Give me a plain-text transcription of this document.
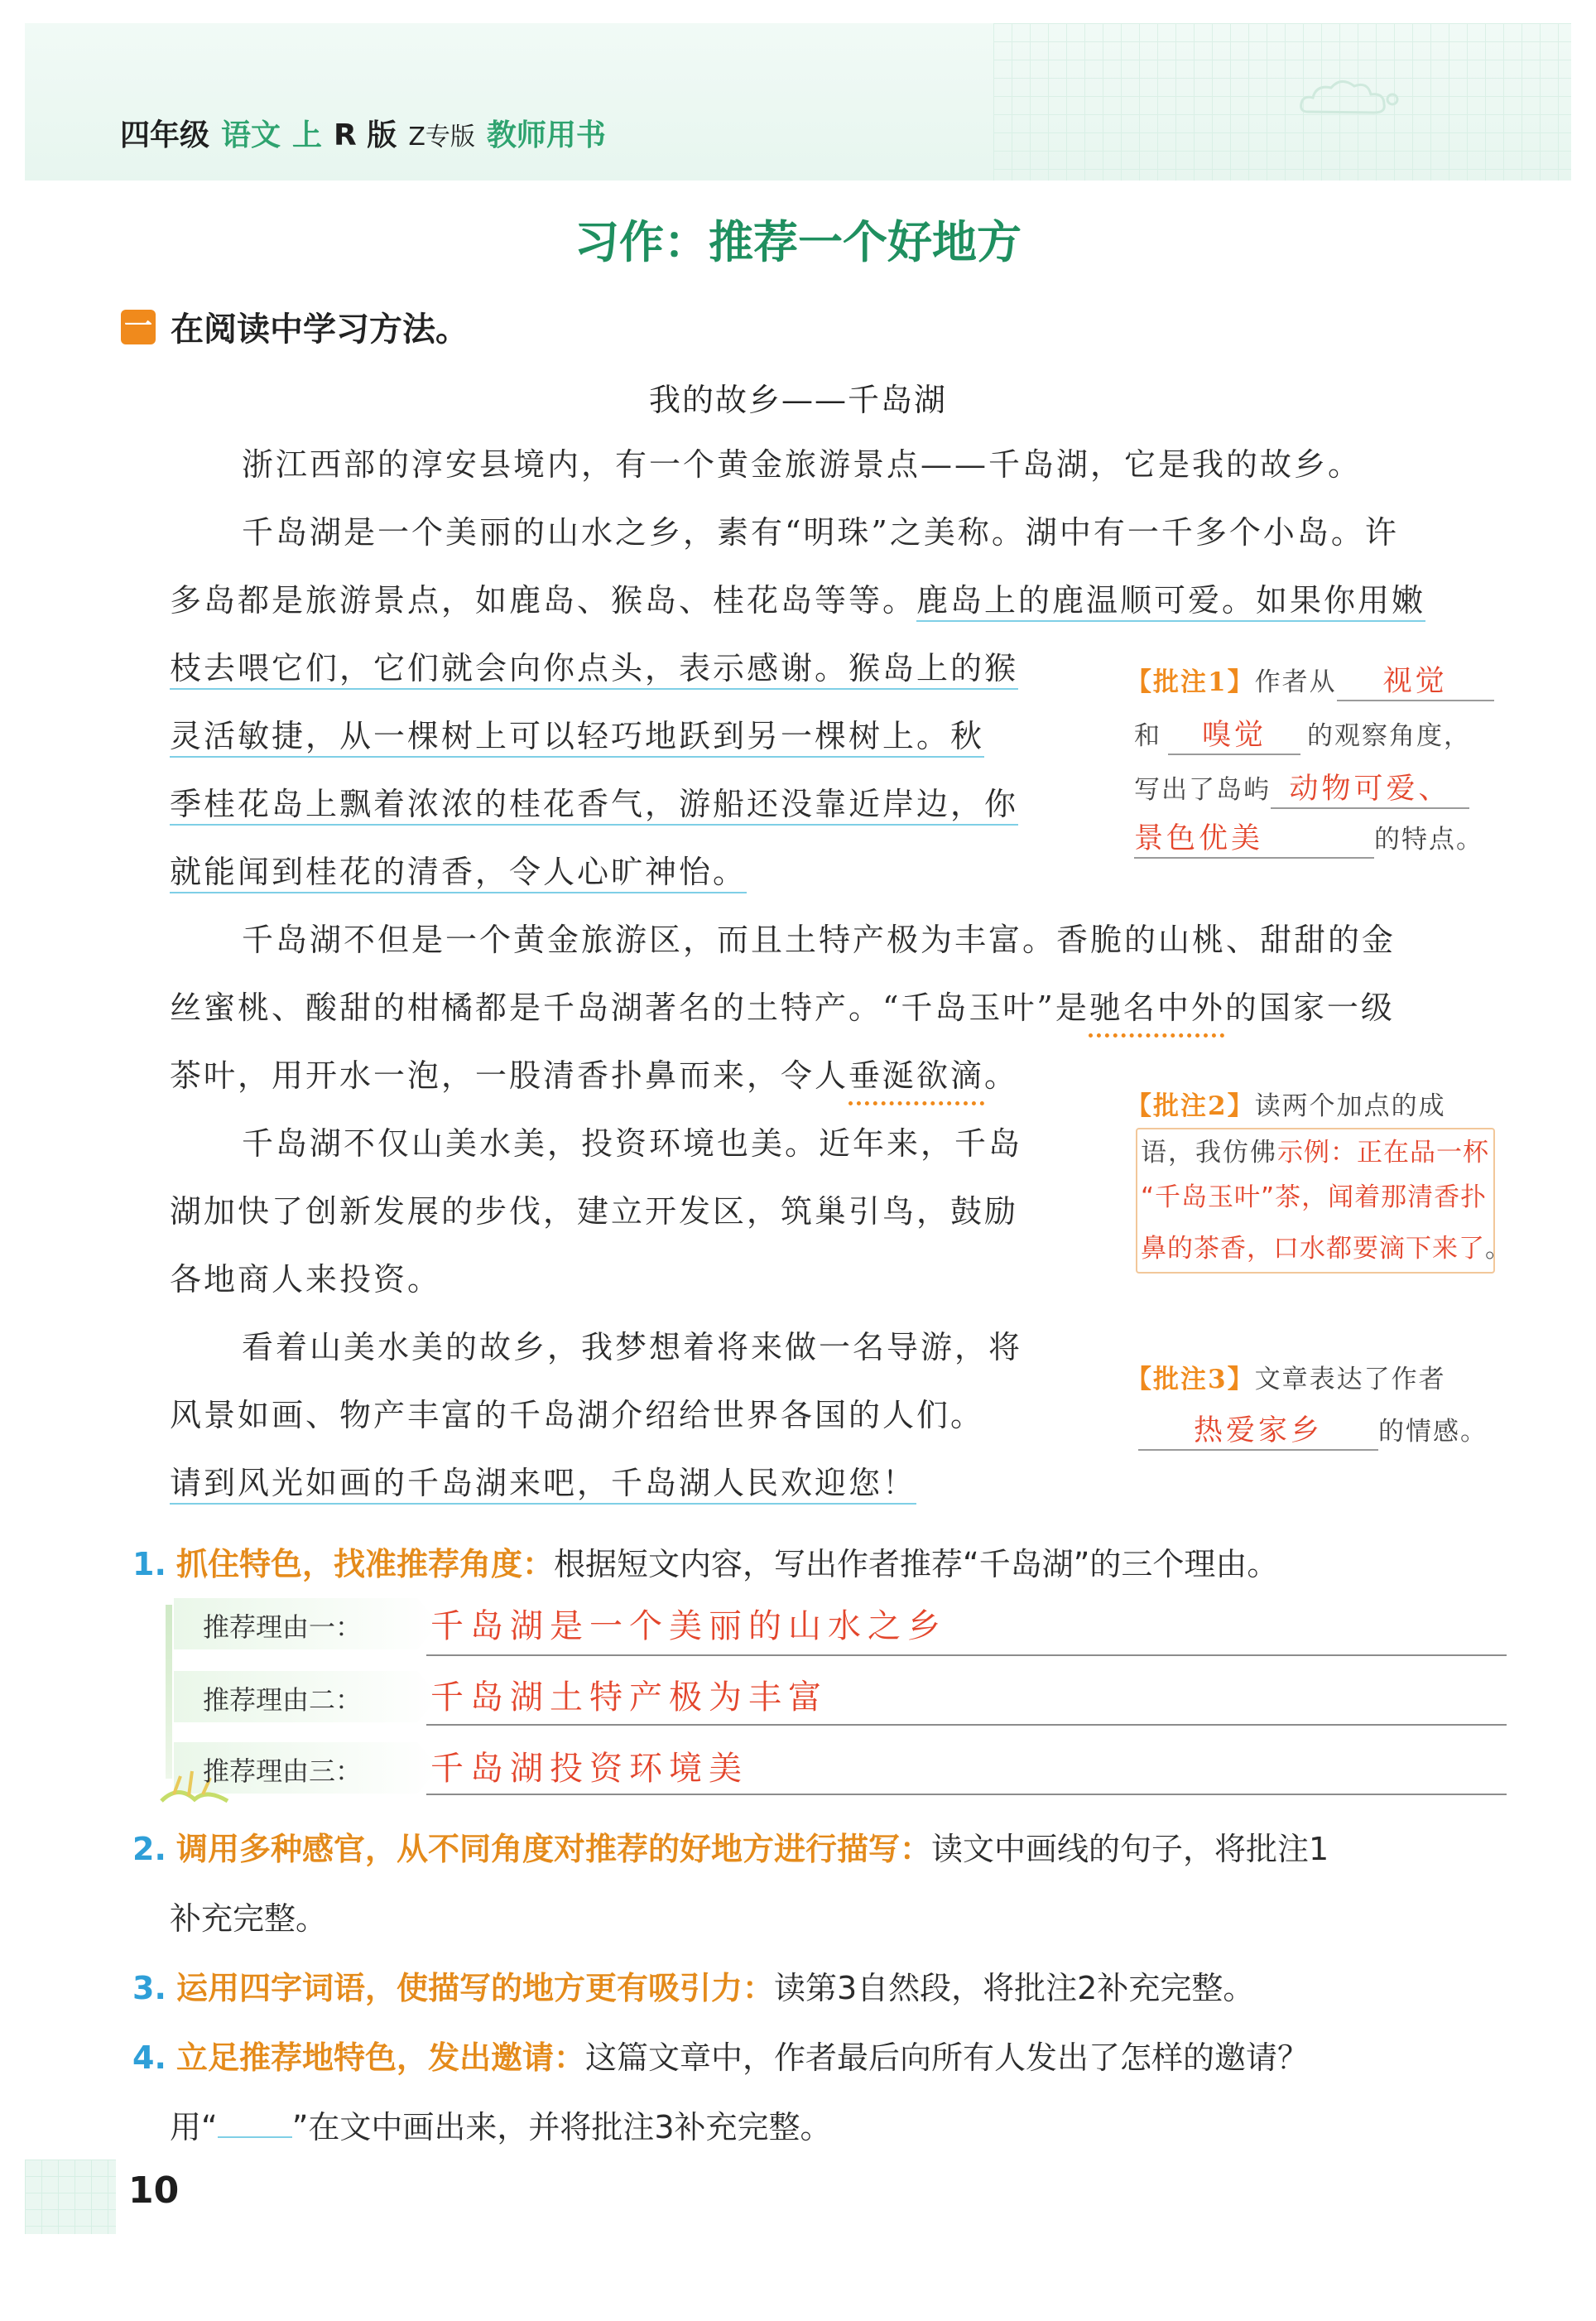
四年级 语文 上 R 版 Z专版 教师用书
习作：推荐一个好地方
一 在阅读中学习方法。
我的故乡——千岛湖
浙江西部的淳安县境内，有一个黄金旅游景点——千岛湖，它是我的故乡。
千岛湖是一个美丽的山水之乡，素有“明珠”之美称。湖中有一千多个小岛。许
多岛都是旅游景点，如鹿岛、猴岛、桂花岛等等。鹿岛上的鹿温顺可爱。如果你用嫩
枝去喂它们，它们就会向你点头，表示感谢。猴岛上的猴
灵活敏捷，从一棵树上可以轻巧地跃到另一棵树上。秋
季桂花岛上飘着浓浓的桂花香气，游船还没靠近岸边，你
就能闻到桂花的清香，令人心旷神怡。
千岛湖不但是一个黄金旅游区，而且土特产极为丰富。香脆的山桃、甜甜的金
丝蜜桃、酸甜的柑橘都是千岛湖著名的土特产。“千岛玉叶”是驰名中外的国家一级
茶叶，用开水一泡，一股清香扑鼻而来，令人垂涎欲滴。
千岛湖不仅山美水美，投资环境也美。近年来，千岛
湖加快了创新发展的步伐，建立开发区，筑巢引鸟，鼓励
各地商人来投资。
看着山美水美的故乡，我梦想着将来做一名导游，将
风景如画、物产丰富的千岛湖介绍给世界各国的人们。
请到风光如画的千岛湖来吧，千岛湖人民欢迎您！
【批注1】作者从 视觉
和 嗅觉 的观察角度，
写出了岛屿 动物可爱、
景色优美	的特点。
【批注2】读两个加点的成
语，我仿佛示例：正在品一杯
“千岛玉叶”茶，闻着那清香扑
鼻的茶香，口水都要滴下来了。
【批注3】文章表达了作者
热爱家乡 的情感。
1. 抓住特色，找准推荐角度：根据短文内容，写出作者推荐“千岛湖”的三个理由。
推荐理由一： 千岛湖是一个美丽的山水之乡
推荐理由二： 千岛湖土特产极为丰富
推荐理由三： 千岛湖投资环境美
2. 调用多种感官，从不同角度对推荐的好地方进行描写：读文中画线的句子，将批注1
补充完整。
3. 运用四字词语，使描写的地方更有吸引力：读第3自然段，将批注2补充完整。
4. 立足推荐地特色，发出邀请：这篇文章中，作者最后向所有人发出了怎样的邀请？
用“ ”在文中画出来，并将批注3补充完整。
10
